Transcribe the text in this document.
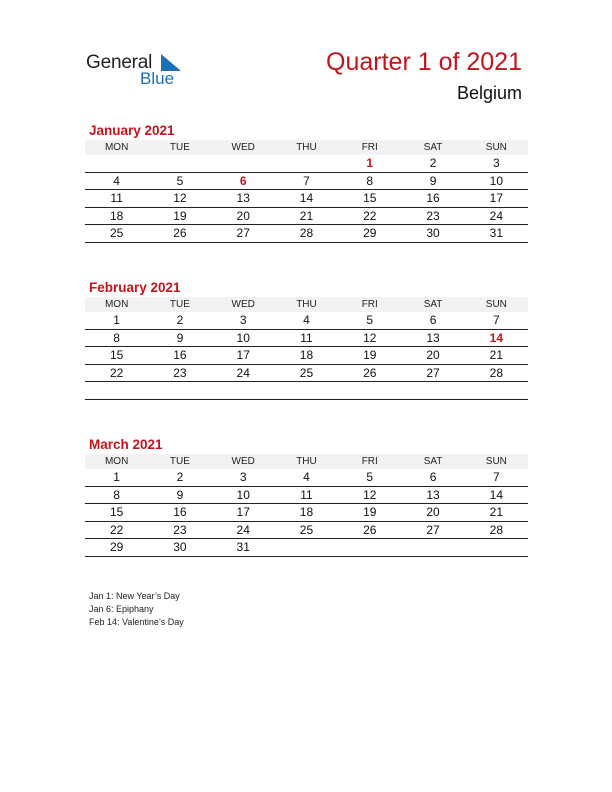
General
Blue
Quarter 1 of 2021
Belgium
January 2021
MON	TUE	WED	THU	FRI	SAT	SUN
				1	2	3
4	5	6	7	8	9	10
11	12	13	14	15	16	17
18	19	20	21	22	23	24
25	26	27	28	29	30	31
February 2021
MON	TUE	WED	THU	FRI	SAT	SUN
1	2	3	4	5	6	7
8	9	10	11	12	13	14
15	16	17	18	19	20	21
22	23	24	25	26	27	28

March 2021
MON	TUE	WED	THU	FRI	SAT	SUN
1	2	3	4	5	6	7
8	9	10	11	12	13	14
15	16	17	18	19	20	21
22	23	24	25	26	27	28
29	30	31				
Jan 1: New Year’s Day
Jan 6: Epiphany
Feb 14: Valentine’s Day
